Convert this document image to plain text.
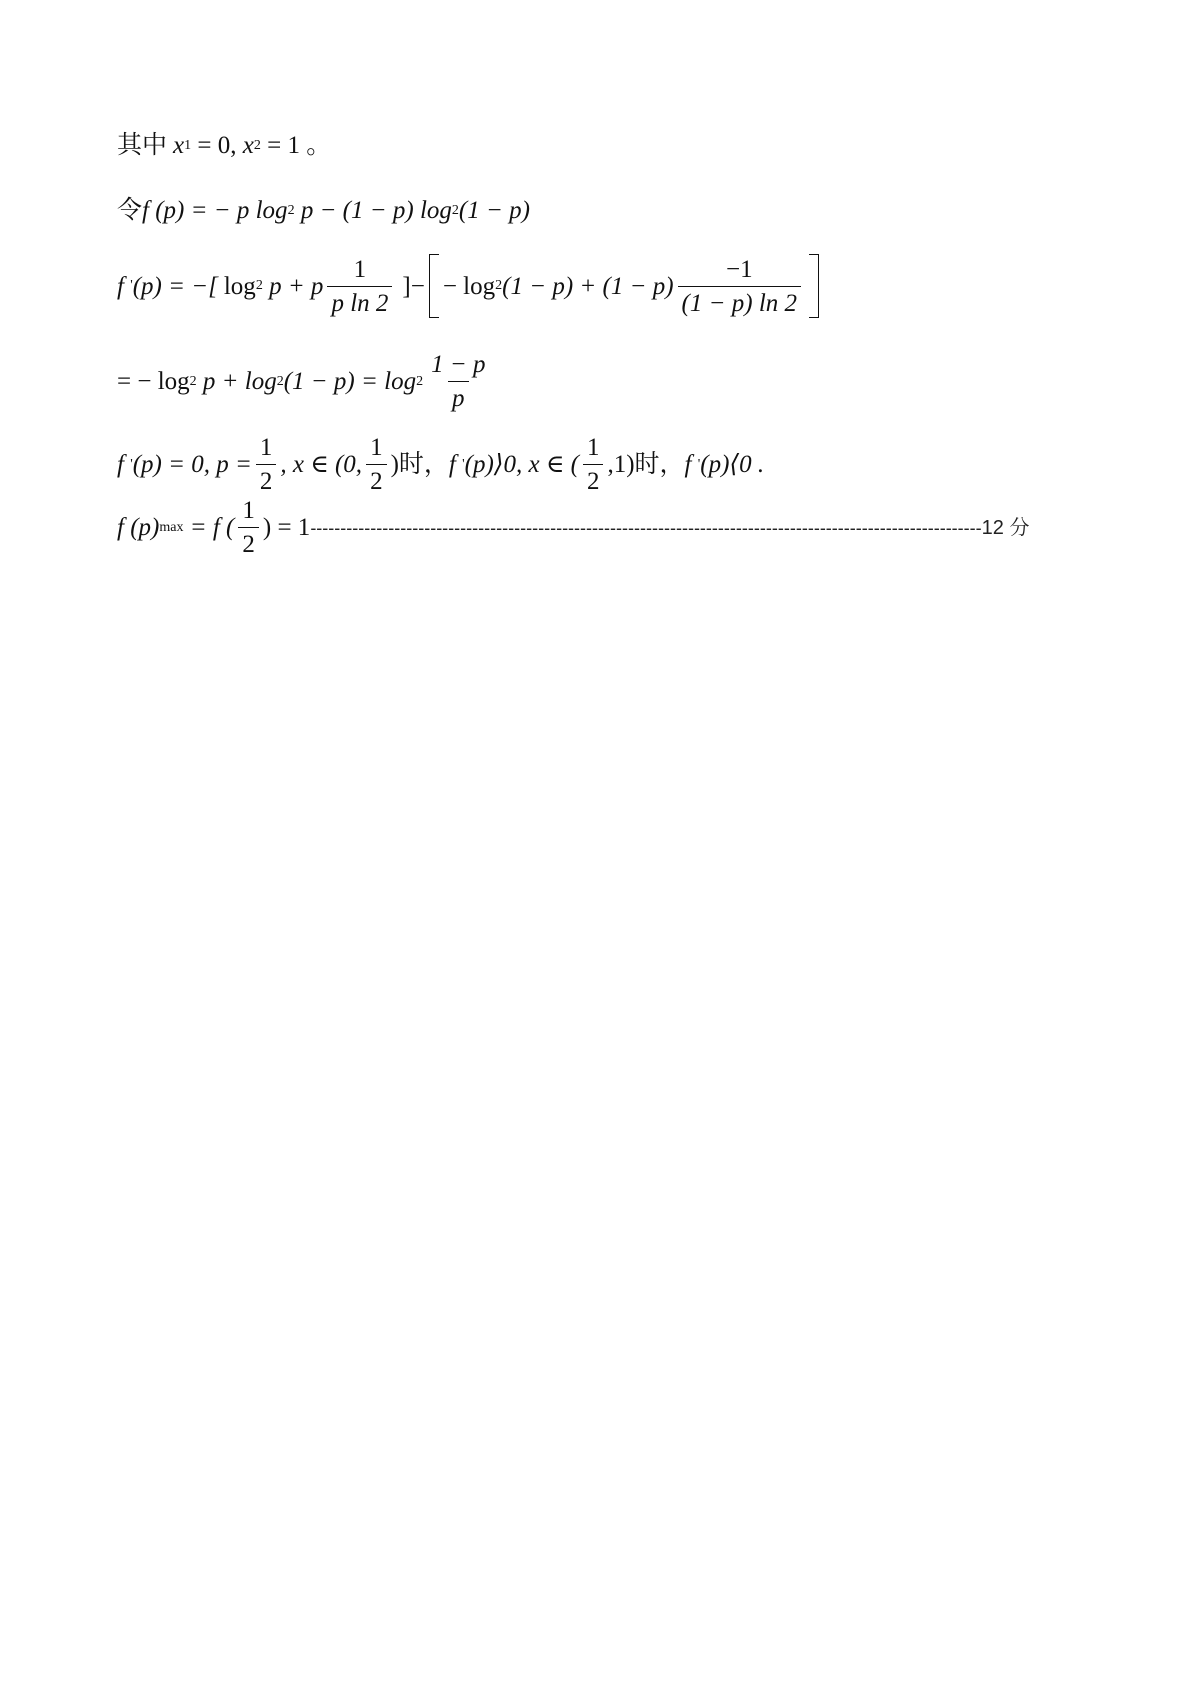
其中 x 1 = 0, x 2 = 1 。
令 f (p) = − p log 2 p − (1 − p) log 2 (1 − p)
f ' (p) = −[ log 2 p + p $\frac{1}{\text{p ln 2}}$ ]− − log 2 $(1 - p) + (1 - p) \frac{-1}{(1 - p) \ln 2}$
= − log 2 p + log 2 $(1 - p) = \log 2 \frac{1 - p}{p}$
f ' (p) = 0, $p = \frac{1}{2}$ , x ∈ (0, $\frac{1}{2}$ )时， f ' (p)⟩0, x ∈ ( $\frac{1}{2} ,1$)时， f ' (p)⟨0 .
f (p) max = f ( $\frac{1}{2}$ ) = 1 ---------------------------------------------------------------------------------------------------------------- 12 分
